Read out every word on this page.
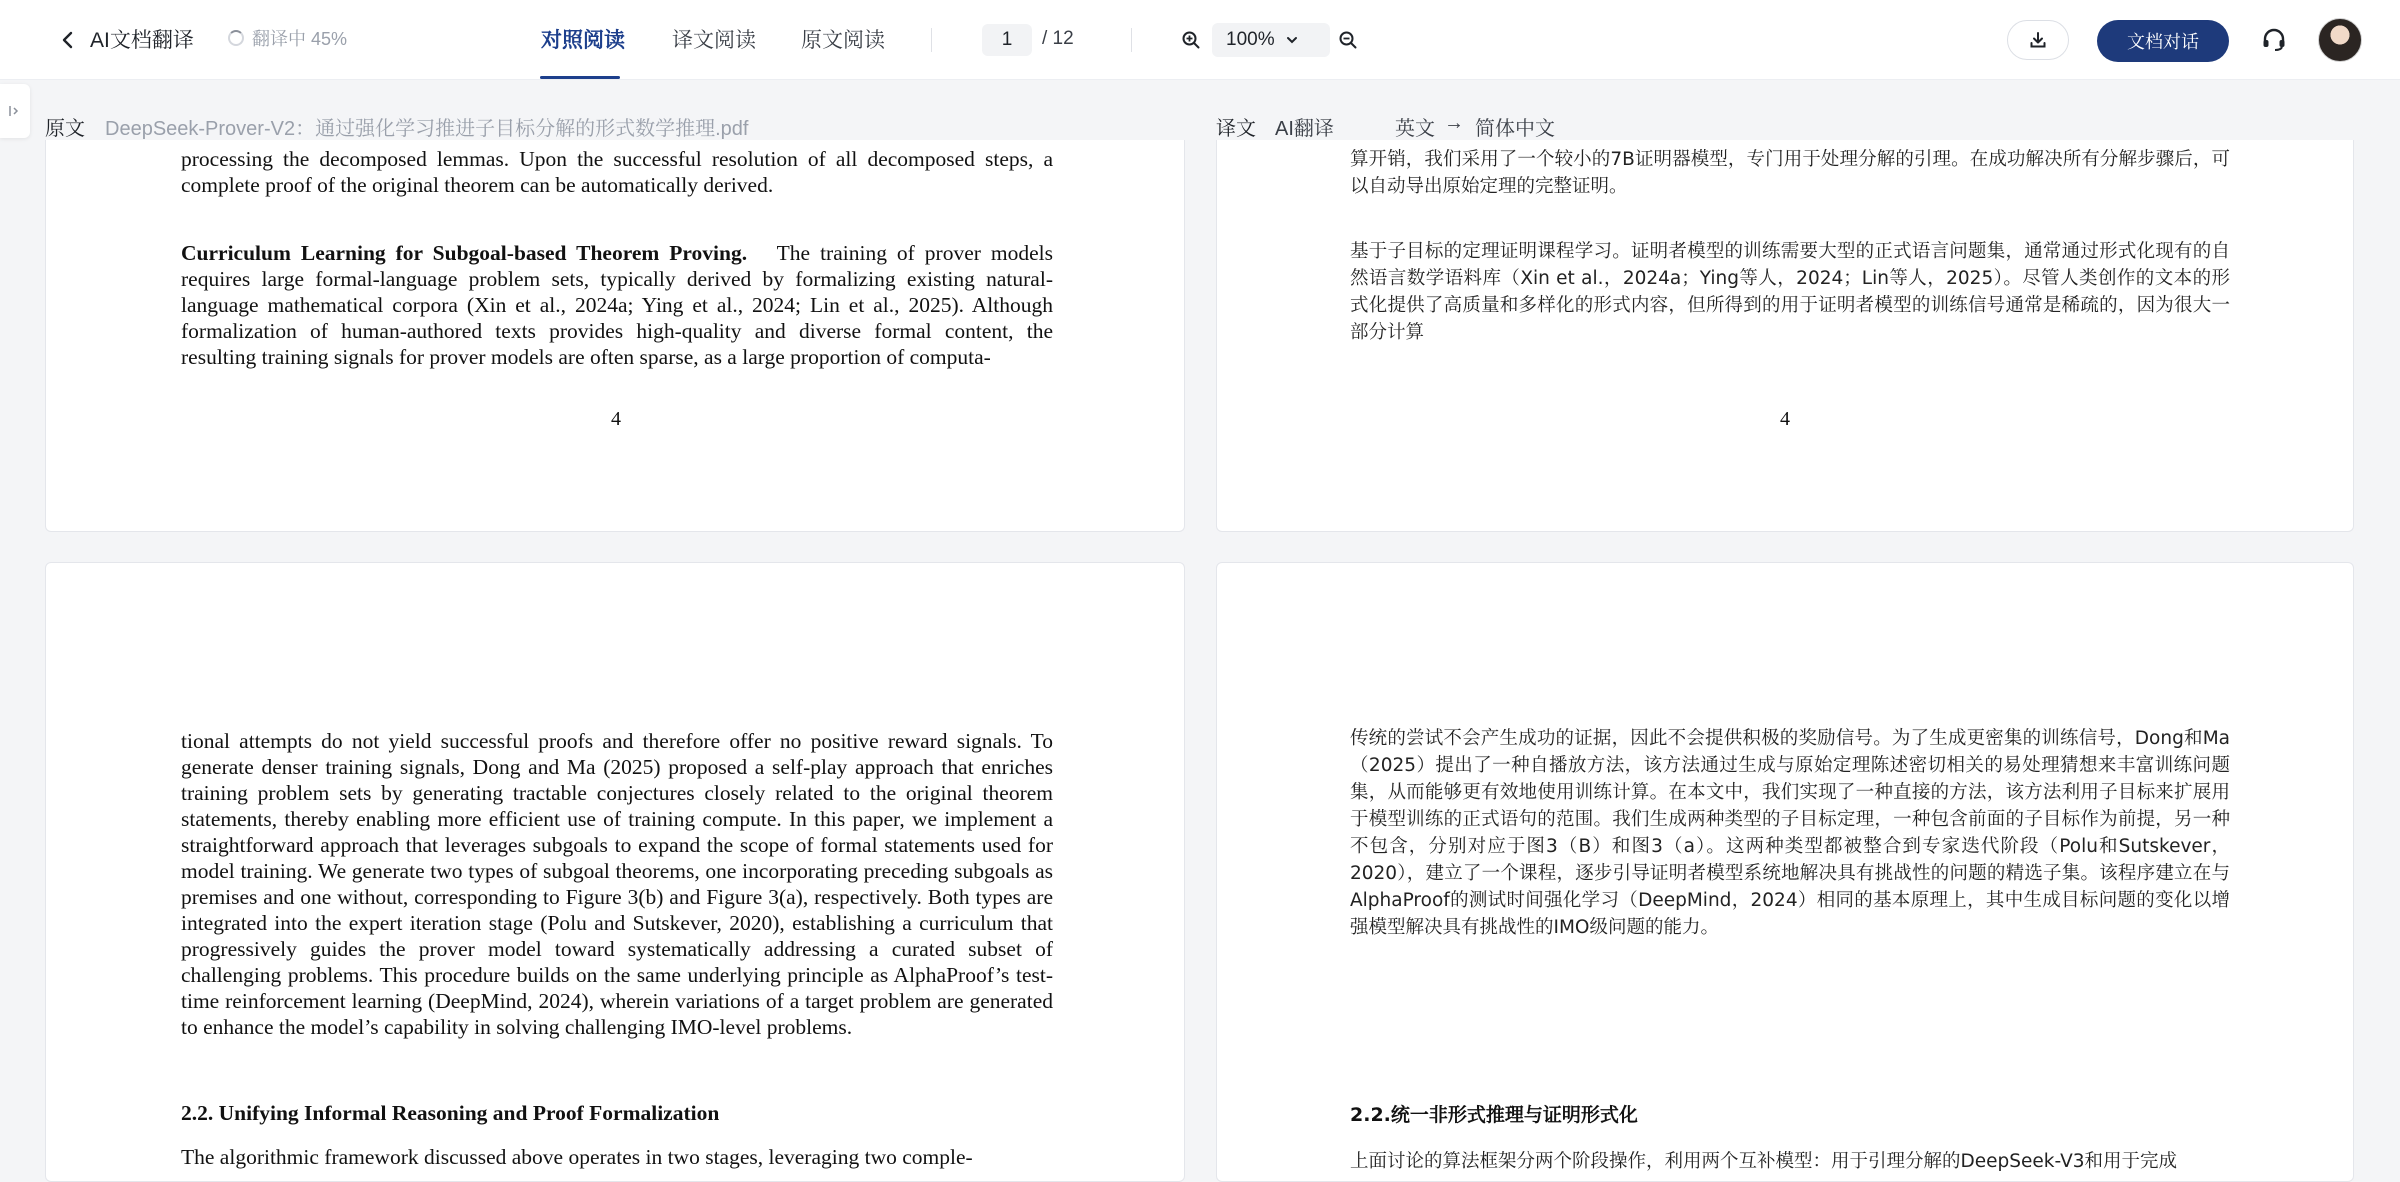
AI文档翻译	翻译中 45%	对照阅读 译文阅读 原文阅读
1	/ 12	100%	文档对话
原文 DeepSeek-Prover-V2：通过强化学习推进子目标分解的形式数学推理.pdf	译文 AI翻译	英文 → 简体中文
processing the decomposed lemmas. Upon the successful resolution of all decomposed steps, a complete proof of the original theorem can be automatically derived.
Curriculum Learning for Subgoal-based Theorem Proving. The training of prover models requires large formal-language problem sets, typically derived by formalizing existing natural-language mathematical corpora (Xin et al., 2024a; Ying et al., 2024; Lin et al., 2025). Although formalization of human-authored texts provides high-quality and diverse formal content, the resulting training signals for prover models are often sparse, as a large proportion of computa-
4
算开销，我们采用了一个较小的7B证明器模型，专门用于处理分解的引理。在成功解决所有分解步骤后，可以自动导出原始定理的完整证明。
基于子目标的定理证明课程学习。证明者模型的训练需要大型的正式语言问题集，通常通过形式化现有的自然语言数学语料库（Xin et al.，2024a；Ying等人，2024；Lin等人，2025）。尽管人类创作的文本的形式化提供了高质量和多样化的形式内容，但所得到的用于证明者模型的训练信号通常是稀疏的，因为很大一部分计算
4
tional attempts do not yield successful proofs and therefore offer no positive reward signals. To generate denser training signals, Dong and Ma (2025) proposed a self-play approach that enriches training problem sets by generating tractable conjectures closely related to the original theorem statements, thereby enabling more efficient use of training compute. In this paper, we implement a straightforward approach that leverages subgoals to expand the scope of formal statements used for model training. We generate two types of subgoal theorems, one incorporating preceding subgoals as premises and one without, corresponding to Figure 3(b) and Figure 3(a), respectively. Both types are integrated into the expert iteration stage (Polu and Sutskever, 2020), establishing a curriculum that progressively guides the prover model toward systematically addressing a curated subset of challenging problems. This procedure builds on the same underlying principle as AlphaProof’s test-time reinforcement learning (DeepMind, 2024), wherein variations of a target problem are generated to enhance the model’s capability in solving challenging IMO-level problems.
2.2. Unifying Informal Reasoning and Proof Formalization
The algorithmic framework discussed above operates in two stages, leveraging two comple-
传统的尝试不会产生成功的证据，因此不会提供积极的奖励信号。为了生成更密集的训练信号，Dong和Ma（2025）提出了一种自播放方法，该方法通过生成与原始定理陈述密切相关的易处理猜想来丰富训练问题集，从而能够更有效地使用训练计算。在本文中，我们实现了一种直接的方法，该方法利用子目标来扩展用于模型训练的正式语句的范围。我们生成两种类型的子目标定理，一种包含前面的子目标作为前提，另一种不包含，分别对应于图3（B）和图3（a）。这两种类型都被整合到专家迭代阶段（Polu和Sutskever，2020），建立了一个课程，逐步引导证明者模型系统地解决具有挑战性的问题的精选子集。该程序建立在与AlphaProof的测试时间强化学习（DeepMind，2024）相同的基本原理上，其中生成目标问题的变化以增强模型解决具有挑战性的IMO级问题的能力。
2.2.统一非形式推理与证明形式化
上面讨论的算法框架分两个阶段操作，利用两个互补模型：用于引理分解的DeepSeek-V3和用于完成
